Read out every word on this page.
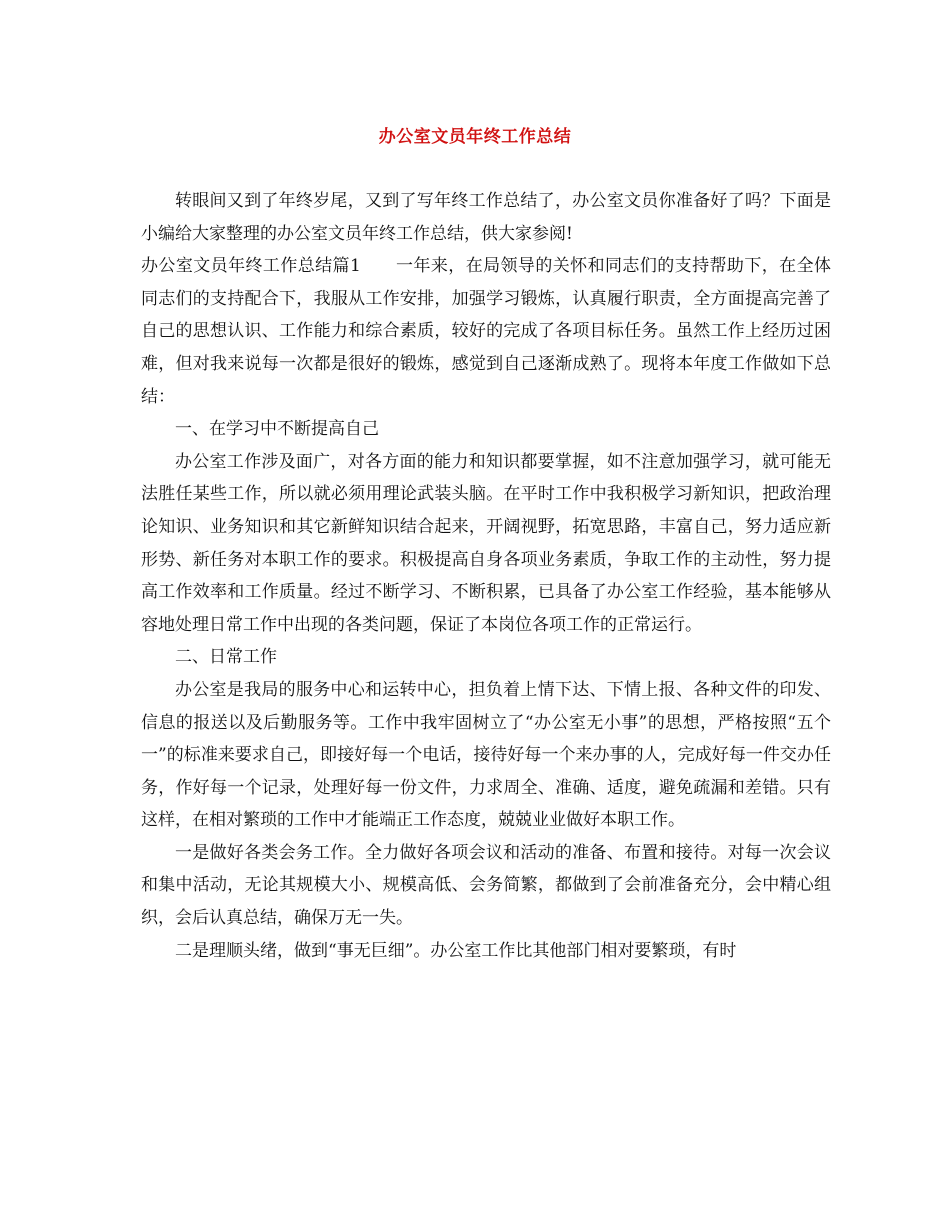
办公室文员年终工作总结

转眼间又到了年终岁尾，又到了写年终工作总结了，办公室文员你准备好了吗？下面是小编给大家整理的办公室文员年终工作总结，供大家参阅!

办公室文员年终工作总结篇1　　一年来，在局领导的关怀和同志们的支持帮助下，在全体同志们的支持配合下，我服从工作安排，加强学习锻炼，认真履行职责，全方面提高完善了自己的思想认识、工作能力和综合素质，较好的完成了各项目标任务。虽然工作上经历过困难，但对我来说每一次都是很好的锻炼，感觉到自己逐渐成熟了。现将本年度工作做如下总结：

一、在学习中不断提高自己

办公室工作涉及面广，对各方面的能力和知识都要掌握，如不注意加强学习，就可能无法胜任某些工作，所以就必须用理论武装头脑。在平时工作中我积极学习新知识，把政治理论知识、业务知识和其它新鲜知识结合起来，开阔视野，拓宽思路，丰富自己，努力适应新形势、新任务对本职工作的要求。积极提高自身各项业务素质，争取工作的主动性，努力提高工作效率和工作质量。经过不断学习、不断积累，已具备了办公室工作经验，基本能够从容地处理日常工作中出现的各类问题，保证了本岗位各项工作的正常运行。

二、日常工作

办公室是我局的服务中心和运转中心，担负着上情下达、下情上报、各种文件的印发、信息的报送以及后勤服务等。工作中我牢固树立了“办公室无小事”的思想，严格按照“五个一”的标准来要求自己，即接好每一个电话，接待好每一个来办事的人，完成好每一件交办任务，作好每一个记录，处理好每一份文件，力求周全、准确、适度，避免疏漏和差错。只有这样，在相对繁琐的工作中才能端正工作态度，兢兢业业做好本职工作。

一是做好各类会务工作。全力做好各项会议和活动的准备、布置和接待。对每一次会议和集中活动，无论其规模大小、规模高低、会务简繁，都做到了会前准备充分，会中精心组织，会后认真总结，确保万无一失。

二是理顺头绪，做到“事无巨细”。办公室工作比其他部门相对要繁琐，有时
